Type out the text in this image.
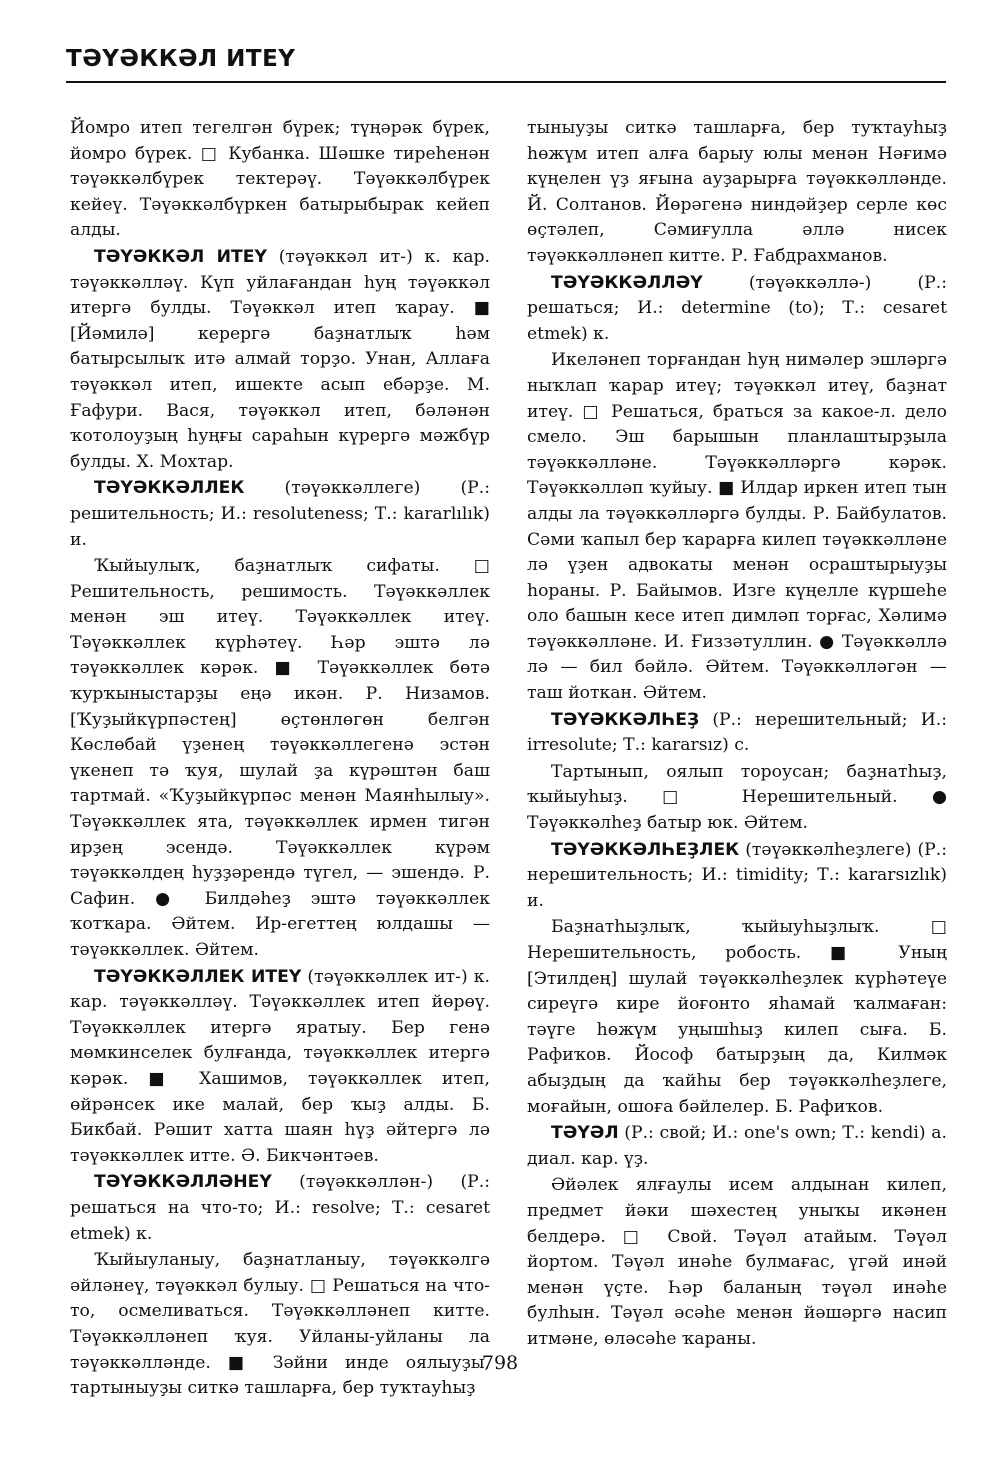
ТӘҮӘККӘЛ ИТЕҮ

Йомро итеп тегелгән бүрек; түңәрәк бүрек, йомро бүрек. □ Кубанка. Шәшке тиреһенән тәүәккәлбүрек тектерәү. Тәүәккәлбүрек кейеү. Тәүәккәлбүркен батырыбырак кейеп алды.

ТӘҮӘККӘЛ ИТЕҮ (тәүәккәл ит-) к. кар. тәүәккәлләү. Күп уйлағандан һуң тәүәккәл итергә булды. Тәүәккәл итеп ҡарау. ■ [Йәмилә] керергә баҙнатлыҡ һәм батырсылыҡ итә алмай торҙо. Унан, Аллаға тәүәккәл итеп, ишекте асып ебәрҙе. М. Ғафури. Вася, тәүәккәл итеп, бәләнән ҡотолоуҙың һуңғы сараһын күрергә мәжбүр булды. Х. Мохтар.

ТӘҮӘККӘЛЛЕК (тәүәккәллеге) (Р.: решительность; И.: resoluteness; Т.: kararlılık) и.

Ҡыйыулыҡ, баҙнатлыҡ сифаты. □ Решительность, решимость. Тәүәккәллек менән эш итеү. Тәүәккәллек итеү. Тәүәккәллек күрһәтеү. Һәр эштә лә тәүәккәллек кәрәк. ■ Тәүәккәллек бөтә ҡурҡыныстарҙы еңә икән. Р. Низамов. [Ҡуҙыйкүрпәстең] өҫтөнлөгөн белгән Көслөбай үҙенең тәүәккәллегенә эстән үкенеп тә ҡуя, шулай ҙа күрәштән баш тартмай. «Ҡуҙыйкүрпәс менән Маянһылыу». Тәүәккәллек ята, тәүәккәллек ирмен тигән ирҙең эсендә. Тәүәккәллек күрәм тәүәккәлдең һуҙҙәрендә түгел, — эшендә. Р. Сафин. ● Билдәһеҙ эштә тәүәккәллек ҡотҡара. Әйтем. Ир-егеттең юлдашы — тәүәккәллек. Әйтем.

ТӘҮӘККӘЛЛЕК ИТЕҮ (тәүәккәллек ит-) к. кар. тәүәккәлләү. Тәүәккәллек итеп йөрөү. Тәүәккәллек итергә яратыу. Бер генә мөмкинселек булғанда, тәүәккәллек итергә кәрәк. ■ Хашимов, тәүәккәллек итеп, өйрәнсек ике малай, бер ҡыҙ алды. Б. Бикбай. Рәшит хатта шаян һүҙ әйтергә лә тәүәккәллек итте. Ә. Бикчәнтәев.

ТӘҮӘККӘЛЛӘНЕҮ (тәүәккәллән-) (Р.: решаться на что-то; И.: resolve; Т.: cesaret etmek) к.

Ҡыйыуланыу, баҙнатланыу, тәүәккәлгә әйләнеү, тәүәккәл булыу. □ Решаться на что-то, осмеливаться. Тәүәккәлләнеп китте. Тәүәккәлләнеп ҡуя. Уйланы-уйланы ла тәүәккәлләнде. ■ Зәйни инде оялыуҙы, тартыныуҙы ситкә ташларға, бер туҡтауһыҙ

тыныуҙы ситкә ташларға, бер туҡтауһыҙ һөжүм итеп алға барыу юлы менән Нәғимә күңелен үҙ яғына ауҙарырға тәүәккәлләнде. Й. Солтанов. Йөрәгенә ниндәйҙер серле көс өҫтәлеп, Сәмиғулла әллә нисек тәүәккәлләнеп китте. Р. Ғабдрахманов.

ТӘҮӘККӘЛЛӘҮ (тәүәккәллә-) (Р.: решаться; И.: determine (to); Т.: cesaret etmek) к.

Икеләнеп торғандан һуң нимәлер эшләргә ныҡлап ҡарар итеү; тәүәккәл итеү, баҙнат итеү. □ Решаться, браться за какое-л. дело смело. Эш барышын планлаштырҙыла тәүәккәлләне. Тәүәккәлләргә кәрәк. Тәүәккәлләп ҡуйыу. ■ Илдар иркен итеп тын алды ла тәүәккәлләргә булды. Р. Байбулатов. Сәми ҡапыл бер ҡарарға килеп тәүәккәлләне лә үҙен адвокаты менән осраштырыуҙы һораны. Р. Байымов. Изге күңелле күршеһе оло башын кесе итеп димләп торғас, Хәлимә тәүәккәлләне. И. Ғиззәтуллин. ● Тәүәккәллә лә — бил бәйлә. Әйтем. Тәүәккәлләгән — таш йоткан. Әйтем.

ТӘҮӘККӘЛҺЕҘ (Р.: нерешительный; И.: irresolute; Т.: kararsız) с.

Тартынып, оялып тороусан; баҙнатһыҙ, ҡыйыуһыҙ. □ Нерешительный. ● Тәүәккәлһеҙ батыр юк. Әйтем.

ТӘҮӘККӘЛҺЕҘЛЕК (тәүәккәлһеҙлеге) (Р.: нерешительность; И.: timidity; Т.: kararsızlık) и.

Баҙнатһыҙлыҡ, ҡыйыуһыҙлыҡ. □ Нерешительность, робость. ■ Уның [Этилдең] шулай тәүәккәлһеҙлек күрһәтеүе сиреүгә кире йоғонто яһамай ҡалмаған: тәүге һөжүм уңышһыҙ килеп сыға. Б. Рафиҡов. Йософ батырҙың да, Килмәк абыҙдың да ҡайһы бер тәүәккәлһеҙлеге, моғайын, ошоға бәйлелер. Б. Рафиҡов.

ТӘҮӘЛ (Р.: свой; И.: one's own; Т.: kendi) а. диал. кар. үҙ.

Әйәлек ялғаулы исем алдынан килеп, предмет йәки шәхестең уныҡы икәнен белдерә. □ Свой. Тәүәл атайым. Тәүәл йортом. Тәүәл инәһе булмағас, үгәй инәй менән үҫте. Һәр баланың тәүәл инәһе булһын. Тәүәл әсәһе менән йәшәргә насип итмәне, өләсәһе ҡараны.

798
